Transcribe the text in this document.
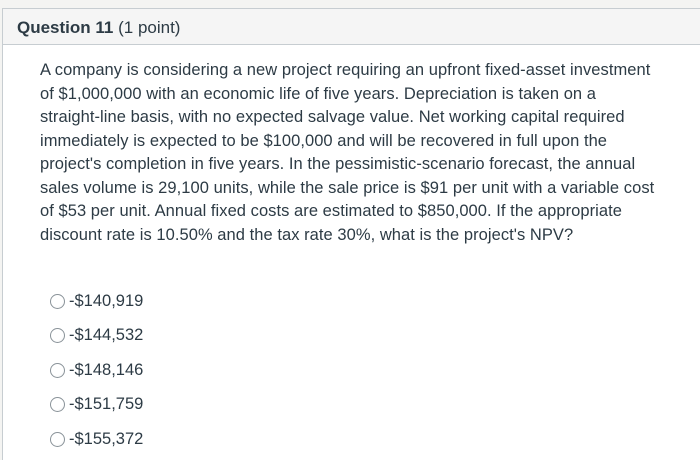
Question 11 (1 point)
A company is considering a new project requiring an upfront fixed-asset investment
of $1,000,000 with an economic life of five years. Depreciation is taken on a
straight-line basis, with no expected salvage value. Net working capital required
immediately is expected to be $100,000 and will be recovered in full upon the
project's completion in five years. In the pessimistic-scenario forecast, the annual
sales volume is 29,100 units, while the sale price is $91 per unit with a variable cost
of $53 per unit. Annual fixed costs are estimated to $850,000. If the appropriate
discount rate is 10.50% and the tax rate 30%, what is the project's NPV?
-$140,919
-$144,532
-$148,146
-$151,759
-$155,372
